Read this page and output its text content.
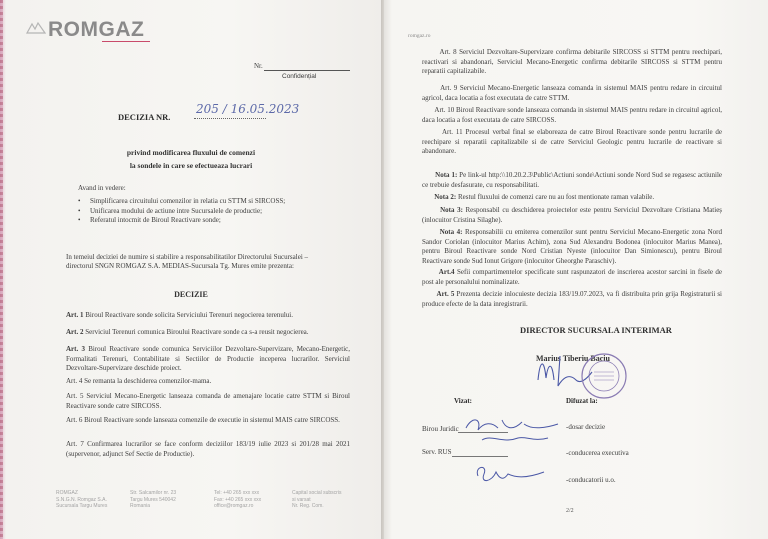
ROMGAZ
Nr.
Confidențial
DECIZIA NR.
205 / 16.05.2023
privind modificarea fluxului de comenzi
la sondele in care se efectueaza lucrari
Avand in vedere:
• Simplificarea circuitului comenzilor in relatia cu STTM si SIRCOSS;
• Unificarea modului de actiune intre Sucursalele de productie;
• Referatul intocmit de Biroul Reactivare sonde;
In temeiul deciziei de numire si stabilire a responsabilitatilor Directorului Sucursalei –
directorul SNGN ROMGAZ S.A. MEDIAS-Sucursala Tg. Mures emite prezenta:
DECIZIE
Art. 1 Biroul Reactivare sonde solicita Serviciului Terenuri negocierea terenului.
Art. 2 Serviciul Terenuri comunica Biroului Reactivare sonde ca s-a reusit negocierea.
Art. 3 Biroul Reactivare sonde comunica Serviciilor Dezvoltare-Supervizare, Mecano-Energetic, Formalitati Terenuri, Contabilitate si Sectiilor de Productie inceperea lucrarilor. Serviciul Dezvoltare-Supervizare deschide proiect.
Art. 4 Se remanta la deschiderea comenzilor-mama.
Art. 5 Serviciul Mecano-Energetic lanseaza comanda de amenajare locatie catre STTM si Biroul Reactivare sonde catre SIRCOSS.
Art. 6 Biroul Reactivare sonde lanseaza comenzile de executie in sistemul MAIS catre SIRCOSS.
Art. 7 Confirmarea lucrarilor se face conform deciziilor 183/19 iulie 2023 si 201/28 mai 2021 (supervenor, adjunct Sef Sectie de Productie).
ROMGAZ
S.N.G.N. Romgaz S.A.
Sucursala Targu Mures
Str. Salcamilor nr. 23
Targu Mures 540042
Romania
Tel: +40 265 xxx xxx
Fax: +40 265 xxx xxx
office@romgaz.ro
Capital social subscris
si varsat
Nr. Reg. Com.
romgaz.ro
Art. 8 Serviciul Dezvoltare-Supervizare confirma debitarile SIRCOSS si STTM pentru reechipari, reactivari si abandonari, Serviciul Mecano-Energetic confirma debitarile SIRCOSS si STTM pentru reparatii capitalizabile.
Art. 9 Serviciul Mecano-Energetic lanseaza comanda in sistemul MAIS pentru redare in circuitul agricol, daca locatia a fost executata de catre STTM.
Art. 10 Biroul Reactivare sonde lanseaza comanda in sistemul MAIS pentru redare in circuitul agricol, daca locatia a fost executata de catre SIRCOSS.
Art. 11 Procesul verbal final se elaboreaza de catre Biroul Reactivare sonde pentru lucrarile de reechipare si reparatii capitalizabile si de catre Serviciul Geologic pentru lucrarile de reactivare si abandonare.
Nota 1: Pe link-ul http:\\10.20.2.3\Public\Actiuni sonde\Actiuni sonde Nord Sud se regasesc actiunile ce trebuie desfasurate, cu responsabilitati.
Nota 2: Restul fluxului de comenzi care nu au fost mentionate raman valabile.
Nota 3: Responsabil cu deschiderea proiectelor este pentru Serviciul Dezvoltare Cristiana Matieș (inlocuitor Cristina Silaghe).
Nota 4: Responsabilii cu emiterea comenzilor sunt pentru Serviciul Mecano-Energetic zona Nord Sandor Coriolan (inlocuitor Marius Achim), zona Sud Alexandru Bodonea (inlocuitor Marius Manea), pentru Biroul Reactivare sonde Nord Cristian Nyeste (inlocuitor Dan Simionescu), pentru Biroul Reactivare sonde Sud Ionut Grigore (inlocuitor Gheorghe Paraschiv).
Art.4 Sefii compartimentelor specificate sunt raspunzatori de inscrierea acestor sarcini in fisele de post ale personalului nominalizate.
Art. 5 Prezenta decizie inlocuieste decizia 183/19.07.2023, va fi distribuita prin grija Registraturii si produce efecte de la data inregistrarii.
DIRECTOR SUCURSALA INTERIMAR
Marius Tiberiu Baciu
Vizat:	Difuzat la:
Birou Juridic
Serv. RUS
-dosar decizie
-conducerea executiva
-conducatorii u.o.
2/2
